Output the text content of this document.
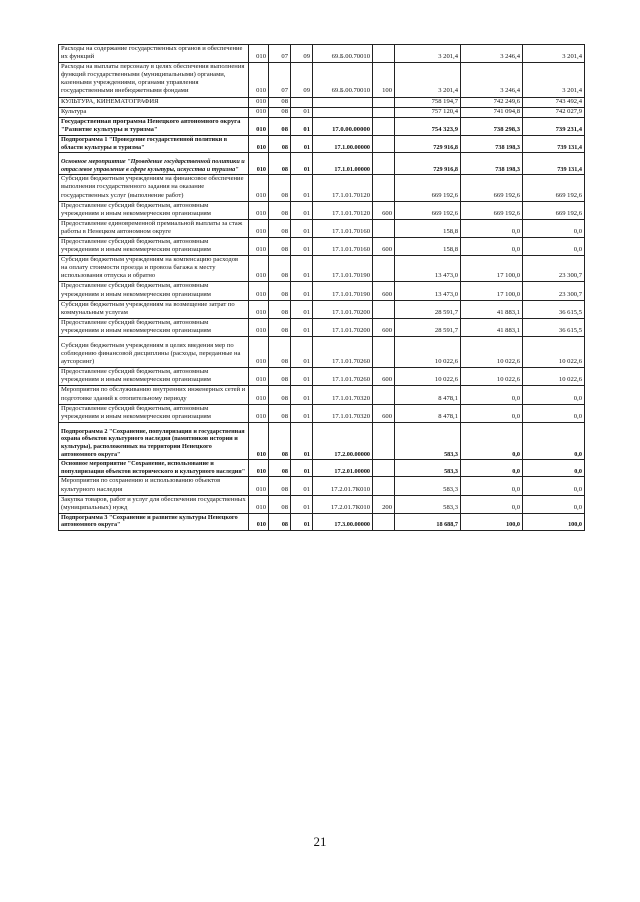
Расходы на содержание государственных органов и обеспечение их функций	010	07	09	69.Б.00.70010		3 201,4	3 246,4	3 201,4
Расходы на выплаты персоналу в целях обеспечения выполнения функций государственными (муниципальными) органами, казенными учреждениями, органами управления государственными внебюджетными фондами	010	07	09	69.Б.00.70010	100	3 201,4	3 246,4	3 201,4
КУЛЬТУРА, КИНЕМАТОГРАФИЯ	010	08				758 194,7	742 249,6	743 492,4
Культура	010	08	01			757 120,4	741 094,8	742 027,9
Государственная программа Ненецкого автономного округа "Развитие культуры и туризма"	010	08	01	17.0.00.00000		754 323,9	738 298,3	739 231,4
Подпрограмма 1 "Проведение государственной политики в области культуры и туризма"	010	08	01	17.1.00.00000		729 916,8	738 198,3	739 131,4
Основное мероприятие "Проведение государственной политики и отраслевое управление в сфере культуры, искусства и туризма"	010	08	01	17.1.01.00000		729 916,8	738 198,3	739 131,4
Субсидии бюджетным учреждениям на финансовое обеспечение выполнения государственного задания на оказание государственных услуг (выполнение работ)	010	08	01	17.1.01.70120		669 192,6	669 192,6	669 192,6
Предоставление субсидий бюджетным, автономным учреждениям и иным некоммерческим организациям	010	08	01	17.1.01.70120	600	669 192,6	669 192,6	669 192,6
Предоставление единовременной премиальной выплаты за стаж работы в Ненецком автономном округе	010	08	01	17.1.01.70160		158,8	0,0	0,0
Предоставление субсидий бюджетным, автономным учреждениям и иным некоммерческим организациям	010	08	01	17.1.01.70160	600	158,8	0,0	0,0
Субсидии бюджетным учреждениям на компенсацию расходов на оплату стоимости проезда и провоза багажа к месту использования отпуска и обратно	010	08	01	17.1.01.70190		13 473,0	17 100,0	23 300,7
Предоставление субсидий бюджетным, автономным учреждениям и иным некоммерческим организациям	010	08	01	17.1.01.70190	600	13 473,0	17 100,0	23 300,7
Субсидии бюджетным учреждениям на возмещение затрат по коммунальным услугам	010	08	01	17.1.01.70200		28 591,7	41 883,1	36 615,5
Предоставление субсидий бюджетным, автономным учреждениям и иным некоммерческим организациям	010	08	01	17.1.01.70200	600	28 591,7	41 883,1	36 615,5
Субсидии бюджетным учреждениям в целях введения мер по соблюдению финансовой дисциплины (расходы, переданные на аутсорсинг)	010	08	01	17.1.01.70260		10 022,6	10 022,6	10 022,6
Предоставление субсидий бюджетным, автономным учреждениям и иным некоммерческим организациям	010	08	01	17.1.01.70260	600	10 022,6	10 022,6	10 022,6
Мероприятия по обслуживанию внутренних инженерных сетей и подготовке зданий к отопительному периоду	010	08	01	17.1.01.70320		8 478,1	0,0	0,0
Предоставление субсидий бюджетным, автономным учреждениям и иным некоммерческим организациям	010	08	01	17.1.01.70320	600	8 478,1	0,0	0,0
Подпрограмма 2 "Сохранение, популяризация и государственная охрана объектов культурного наследия (памятников истории и культуры), расположенных на территории Ненецкого автономного округа"	010	08	01	17.2.00.00000		583,3	0,0	0,0
Основное мероприятие "Сохранение, использование и популяризация объектов исторического и культурного наследия"	010	08	01	17.2.01.00000		583,3	0,0	0,0
Мероприятия по сохранению и использованию объектов культурного наследия	010	08	01	17.2.01.7К010		583,3	0,0	0,0
Закупка товаров, работ и услуг для обеспечения государственных (муниципальных) нужд	010	08	01	17.2.01.7К010	200	583,3	0,0	0,0
Подпрограмма 3 "Сохранение и развитие культуры Ненецкого автономного округа"	010	08	01	17.3.00.00000		18 688,7	100,0	100,0
21
